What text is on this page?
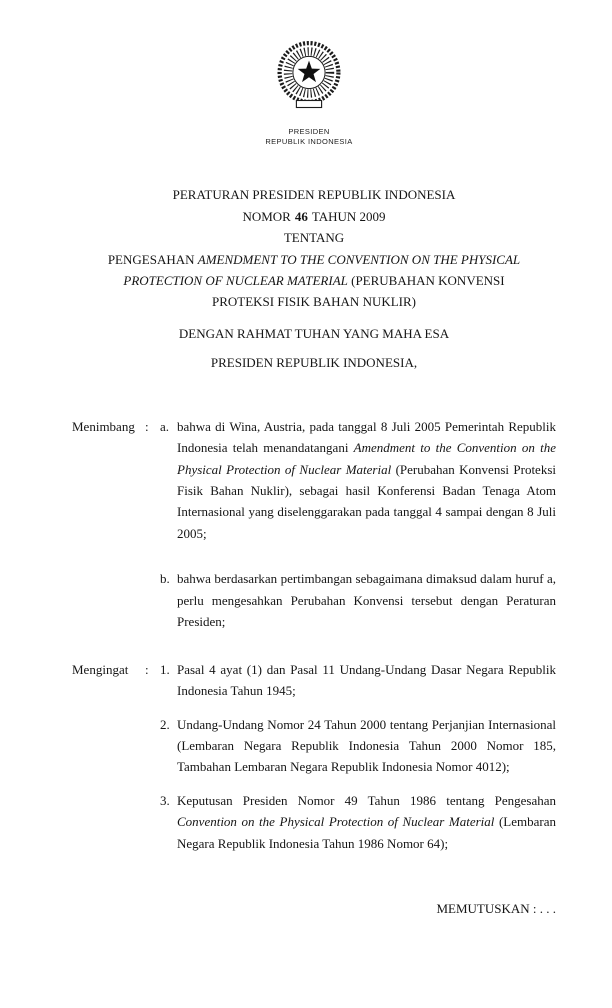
PRESIDEN
REPUBLIK INDONESIA
PERATURAN PRESIDEN REPUBLIK INDONESIA
NOMOR 46 TAHUN 2009
TENTANG
PENGESAHAN AMENDMENT TO THE CONVENTION ON THE PHYSICAL
PROTECTION OF NUCLEAR MATERIAL (PERUBAHAN KONVENSI
PROTEKSI FISIK BAHAN NUKLIR)
DENGAN RAHMAT TUHAN YANG MAHA ESA
PRESIDEN REPUBLIK INDONESIA,
Menimbang : a. bahwa di Wina, Austria, pada tanggal 8 Juli 2005 Pemerintah Republik Indonesia telah menandatangani Amendment to the Convention on the Physical Protection of Nuclear Material (Perubahan Konvensi Proteksi Fisik Bahan Nuklir), sebagai hasil Konferensi Badan Tenaga Atom Internasional yang diselenggarakan pada tanggal 4 sampai dengan 8 Juli 2005;
b. bahwa berdasarkan pertimbangan sebagaimana dimaksud dalam huruf a, perlu mengesahkan Perubahan Konvensi tersebut dengan Peraturan Presiden;
Mengingat	: 1. Pasal 4 ayat (1) dan Pasal 11 Undang-Undang Dasar Negara Republik Indonesia Tahun 1945;
2. Undang-Undang Nomor 24 Tahun 2000 tentang Perjanjian Internasional (Lembaran Negara Republik Indonesia Tahun 2000 Nomor 185, Tambahan Lembaran Negara Republik Indonesia Nomor 4012);
3. Keputusan Presiden Nomor 49 Tahun 1986 tentang Pengesahan Convention on the Physical Protection of Nuclear Material (Lembaran Negara Republik Indonesia Tahun 1986 Nomor 64);
MEMUTUSKAN : . . .
